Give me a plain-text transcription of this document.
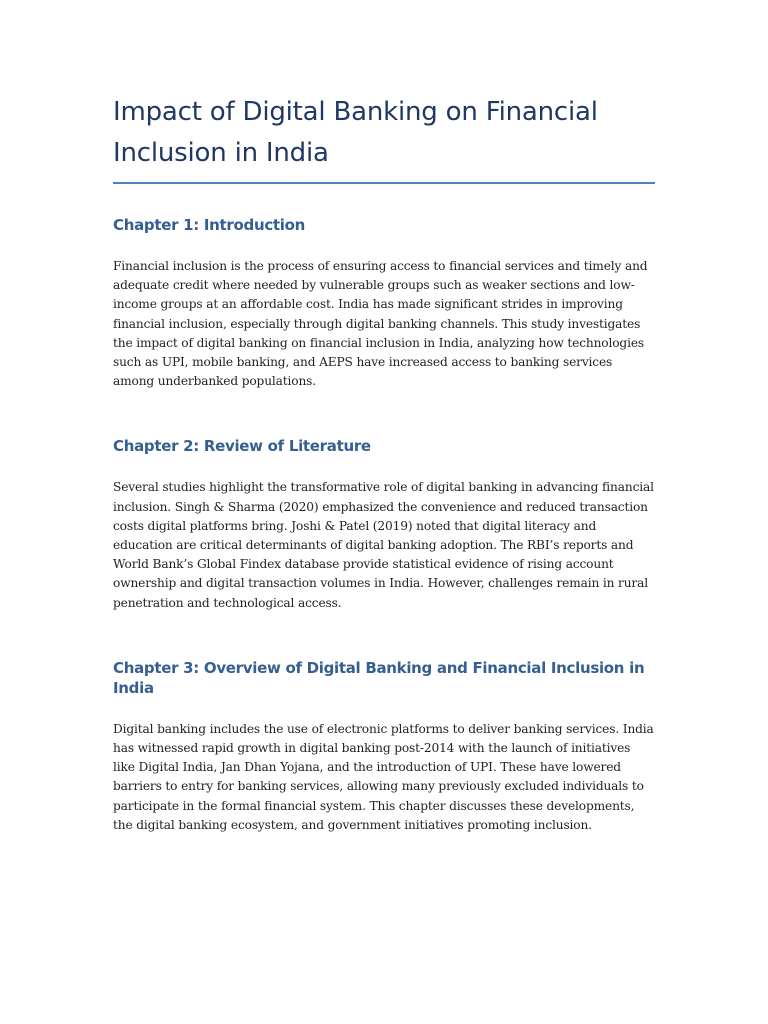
Impact of Digital Banking on Financial Inclusion in India
Chapter 1: Introduction

Financial inclusion is the process of ensuring access to financial services and timely and adequate credit where needed by vulnerable groups such as weaker sections and low-income groups at an affordable cost. India has made significant strides in improving financial inclusion, especially through digital banking channels. This study investigates the impact of digital banking on financial inclusion in India, analyzing how technologies such as UPI, mobile banking, and AEPS have increased access to banking services among underbanked populations.

Chapter 2: Review of Literature

Several studies highlight the transformative role of digital banking in advancing financial inclusion. Singh & Sharma (2020) emphasized the convenience and reduced transaction costs digital platforms bring. Joshi & Patel (2019) noted that digital literacy and education are critical determinants of digital banking adoption. The RBI’s reports and World Bank’s Global Findex database provide statistical evidence of rising account ownership and digital transaction volumes in India. However, challenges remain in rural penetration and technological access.

Chapter 3: Overview of Digital Banking and Financial Inclusion in India

Digital banking includes the use of electronic platforms to deliver banking services. India has witnessed rapid growth in digital banking post-2014 with the launch of initiatives like Digital India, Jan Dhan Yojana, and the introduction of UPI. These have lowered barriers to entry for banking services, allowing many previously excluded individuals to participate in the formal financial system. This chapter discusses these developments, the digital banking ecosystem, and government initiatives promoting inclusion.
